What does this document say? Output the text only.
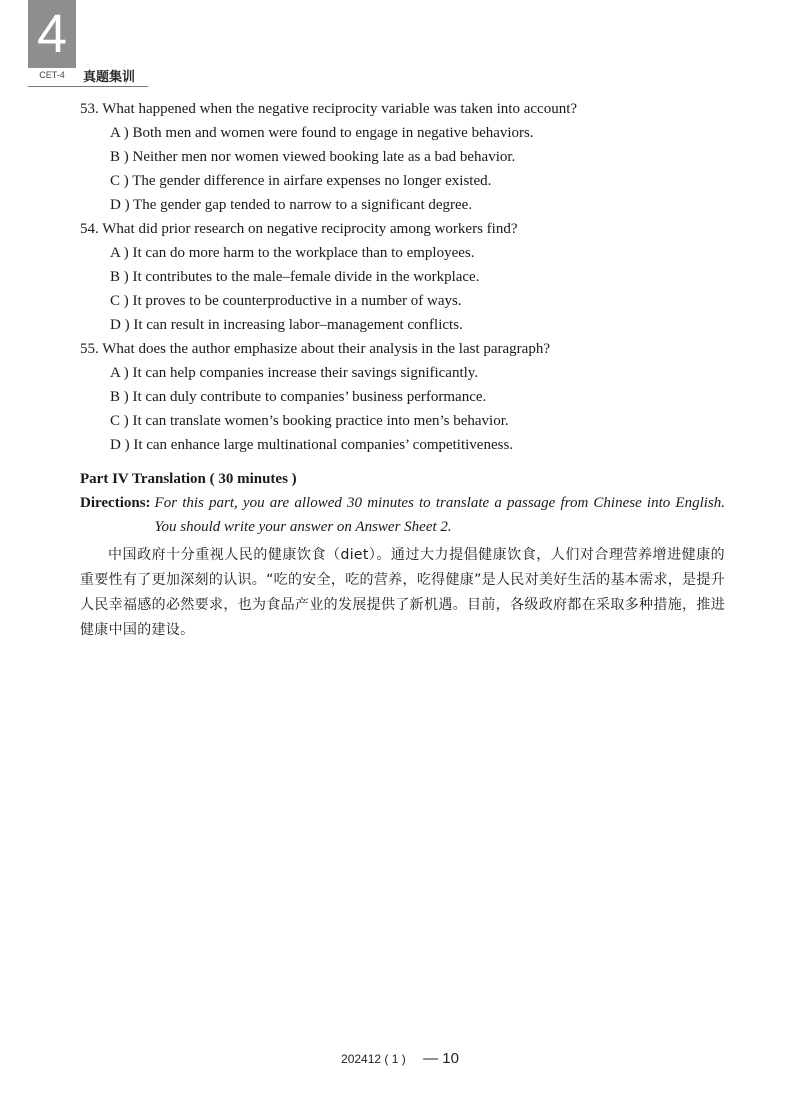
4
CET-4	真题集训

53. What happened when the negative reciprocity variable was taken into account?

A ) Both men and women were found to engage in negative behaviors.

B ) Neither men nor women viewed booking late as a bad behavior.

C ) The gender difference in airfare expenses no longer existed.

D ) The gender gap tended to narrow to a significant degree.

54. What did prior research on negative reciprocity among workers find?

A ) It can do more harm to the workplace than to employees.

B ) It contributes to the male–female divide in the workplace.

C ) It proves to be counterproductive in a number of ways.

D ) It can result in increasing labor–management conflicts.

55. What does the author emphasize about their analysis in the last paragraph?

A ) It can help companies increase their savings significantly.

B ) It can duly contribute to companies’ business performance.

C ) It can translate women’s booking practice into men’s behavior.

D ) It can enhance large multinational companies’ competitiveness.

Part IV Translation ( 30 minutes )
Directions: For this part, you are allowed 30 minutes to translate a passage from Chinese into English. You should write your answer on Answer Sheet 2.

中国政府十分重视人民的健康饮食（diet）。通过大力提倡健康饮食，人们对合理营养增进健康的重要性有了更加深刻的认识。“吃的安全，吃的营养，吃得健康”是人民对美好生活的基本需求，是提升人民幸福感的必然要求，也为食品产业的发展提供了新机遇。目前，各级政府都在采取多种措施，推进健康中国的建设。

202412 ( 1 ) — 10
